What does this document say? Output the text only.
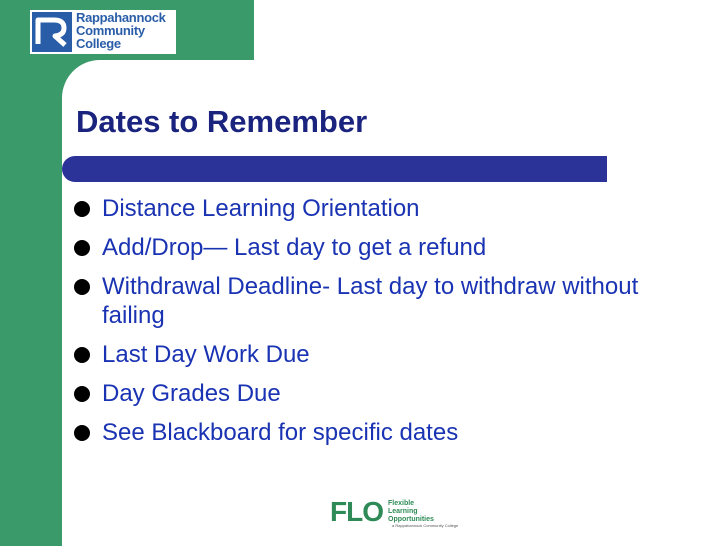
Rappahannock
Community
College
Dates to Remember
Distance Learning Orientation
Add/Drop— Last day to get a refund
Withdrawal Deadline- Last day to withdraw without failing
Last Day Work Due
Day Grades Due
See Blackboard for specific dates
FLO Flexible Learning
Opportunities
a Rappahannock Community College
